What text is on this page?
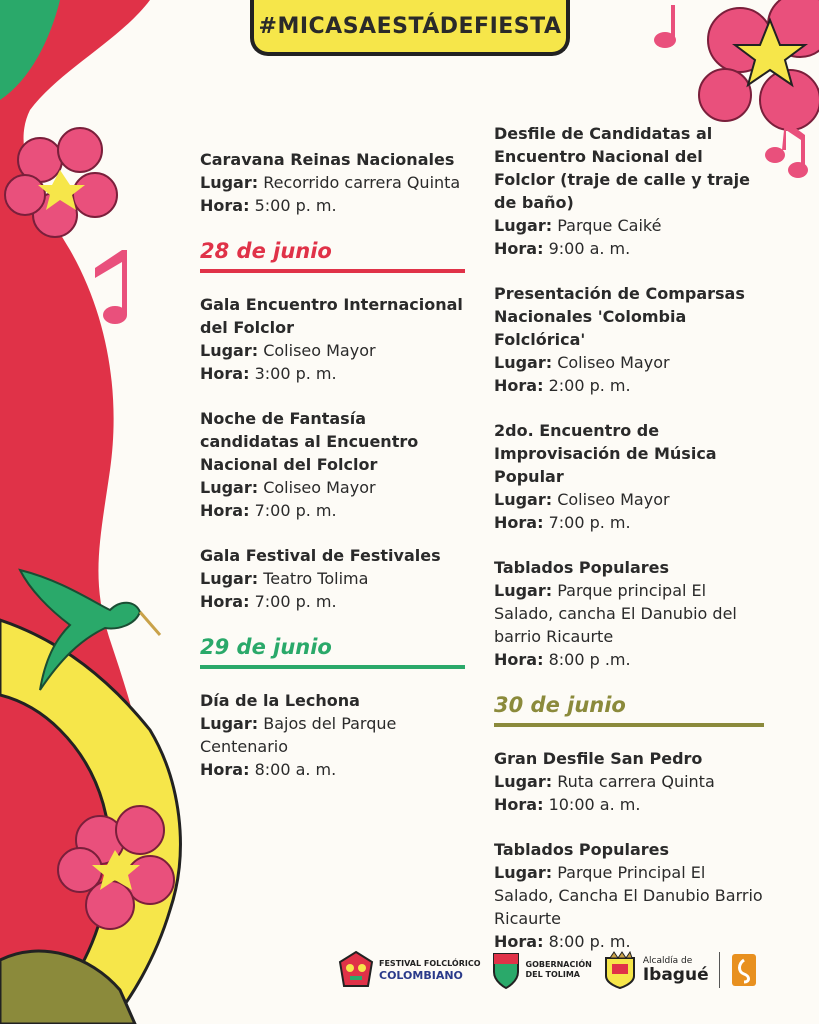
#MICASAESTÁDEFIESTA
Caravana Reinas Nacionales
Lugar: Recorrido carrera Quinta
Hora: 5:00 p. m.
28 de junio
Gala Encuentro Internacional del Folclor
Lugar: Coliseo Mayor
Hora: 3:00 p. m.
Noche de Fantasía candidatas al Encuentro Nacional del Folclor
Lugar: Coliseo Mayor
Hora: 7:00 p. m.
Gala Festival de Festivales
Lugar: Teatro Tolima
Hora: 7:00 p. m.
29 de junio
Día de la Lechona
Lugar: Bajos del Parque Centenario
Hora: 8:00 a. m.
Desfile de Candidatas al Encuentro Nacional del Folclor (traje de calle y traje de baño)
Lugar: Parque Caiké
Hora: 9:00 a. m.
Presentación de Comparsas Nacionales 'Colombia Folclórica'
Lugar: Coliseo Mayor
Hora: 2:00 p. m.
2do. Encuentro de Improvisación de Música Popular
Lugar: Coliseo Mayor
Hora: 7:00 p. m.
Tablados Populares
Lugar: Parque principal El Salado, cancha El Danubio del barrio Ricaurte
Hora: 8:00 p .m.
30 de junio
Gran Desfile San Pedro
Lugar: Ruta carrera Quinta
Hora: 10:00 a. m.
Tablados Populares
Lugar: Parque Principal El Salado, Cancha El Danubio Barrio Ricaurte
Hora: 8:00 p. m.
FESTIVAL FOLCLÓRICO
COLOMBIANO
GOBERNACIÓN
DEL TOLIMA
Alcaldía de
Ibagué
